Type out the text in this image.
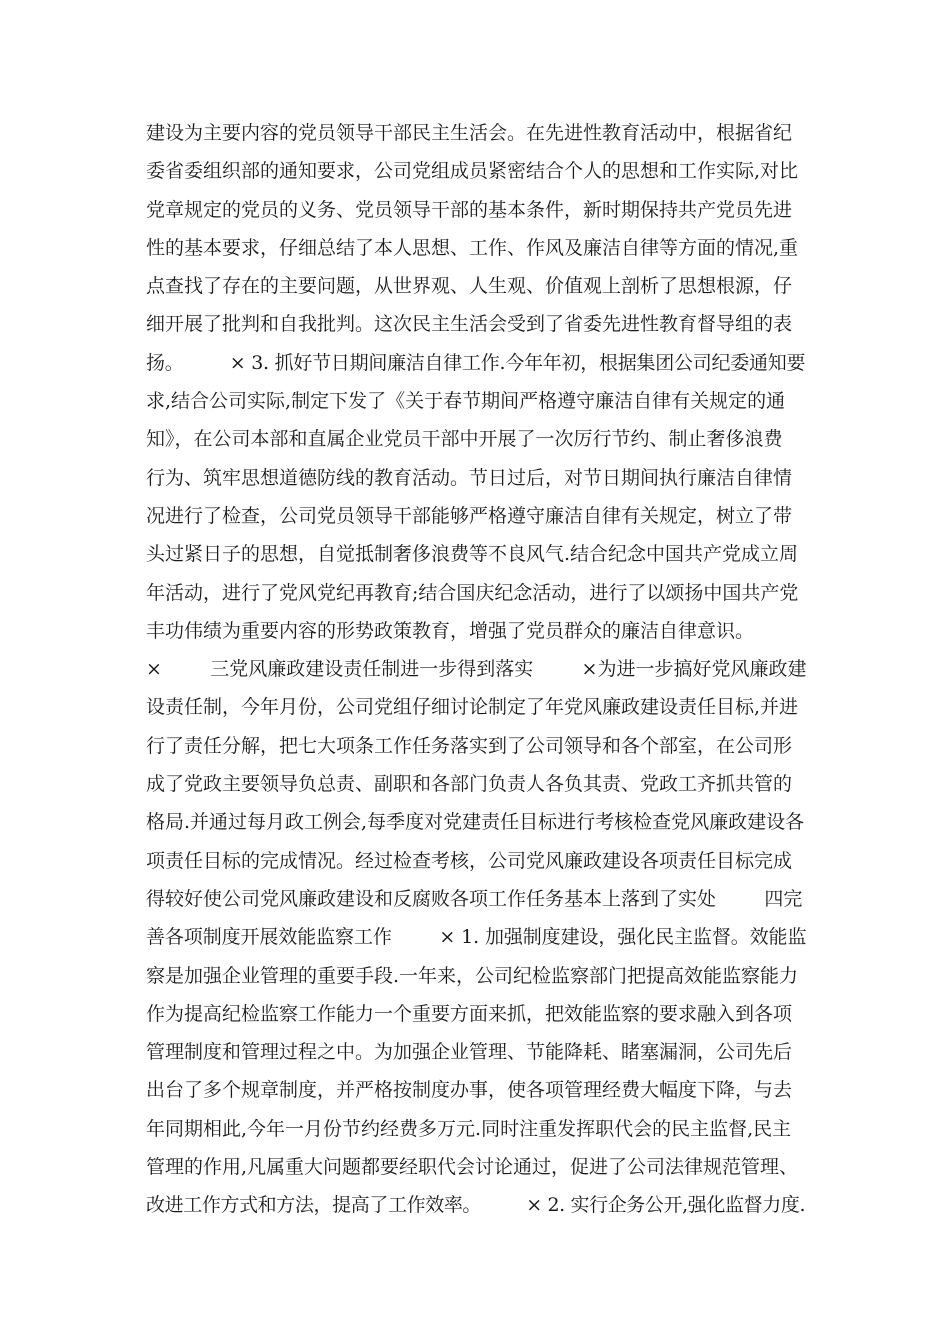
建设为主要内容的党员领导干部民主生活会。在先进性教育活动中，根据省纪
委省委组织部的通知要求，公司党组成员紧密结合个人的思想和工作实际,对比
党章规定的党员的义务、党员领导干部的基本条件，新时期保持共产党员先进
性的基本要求，仔细总结了本人思想、工作、作风及廉洁自律等方面的情况,重
点查找了存在的主要问题，从世界观、人生观、价值观上剖析了思想根源，仔
细开展了批判和自我批判。这次民主生活会受到了省委先进性教育督导组的表
扬。        × 3. 抓好节日期间廉洁自律工作.今年年初，根据集团公司纪委通知要
求,结合公司实际,制定下发了《关于春节期间严格遵守廉洁自律有关规定的通
知》，在公司本部和直属企业党员干部中开展了一次厉行节约、制止奢侈浪费
行为、筑牢思想道德防线的教育活动。节日过后，对节日期间执行廉洁自律情
况进行了检查，公司党员领导干部能够严格遵守廉洁自律有关规定，树立了带
头过紧日子的思想，自觉抵制奢侈浪费等不良风气.结合纪念中国共产党成立周
年活动，进行了党风党纪再教育;结合国庆纪念活动，进行了以颂扬中国共产党
丰功伟绩为重要内容的形势政策教育，增强了党员群众的廉洁自律意识。
×        三党风廉政建设责任制进一步得到落实        ×为进一步搞好党风廉政建
设责任制，今年月份，公司党组仔细讨论制定了年党风廉政建设责任目标,并进
行了责任分解，把七大项条工作任务落实到了公司领导和各个部室，在公司形
成了党政主要领导负总责、副职和各部门负责人各负其责、党政工齐抓共管的
格局.并通过每月政工例会,每季度对党建责任目标进行考核检查党风廉政建设各
项责任目标的完成情况。经过检查考核，公司党风廉政建设各项责任目标完成
得较好使公司党风廉政建设和反腐败各项工作任务基本上落到了实处        四完
善各项制度开展效能监察工作        × 1. 加强制度建设，强化民主监督。效能监
察是加强企业管理的重要手段.一年来，公司纪检监察部门把提高效能监察能力
作为提高纪检监察工作能力一个重要方面来抓，把效能监察的要求融入到各项
管理制度和管理过程之中。为加强企业管理、节能降耗、睹塞漏洞，公司先后
出台了多个规章制度，并严格按制度办事，使各项管理经费大幅度下降，与去
年同期相此,今年一月份节约经费多万元.同时注重发挥职代会的民主监督,民主
管理的作用,凡属重大问题都要经职代会讨论通过，促进了公司法律规范管理、
改进工作方式和方法，提高了工作效率。        × 2. 实行企务公开,强化监督力度.
